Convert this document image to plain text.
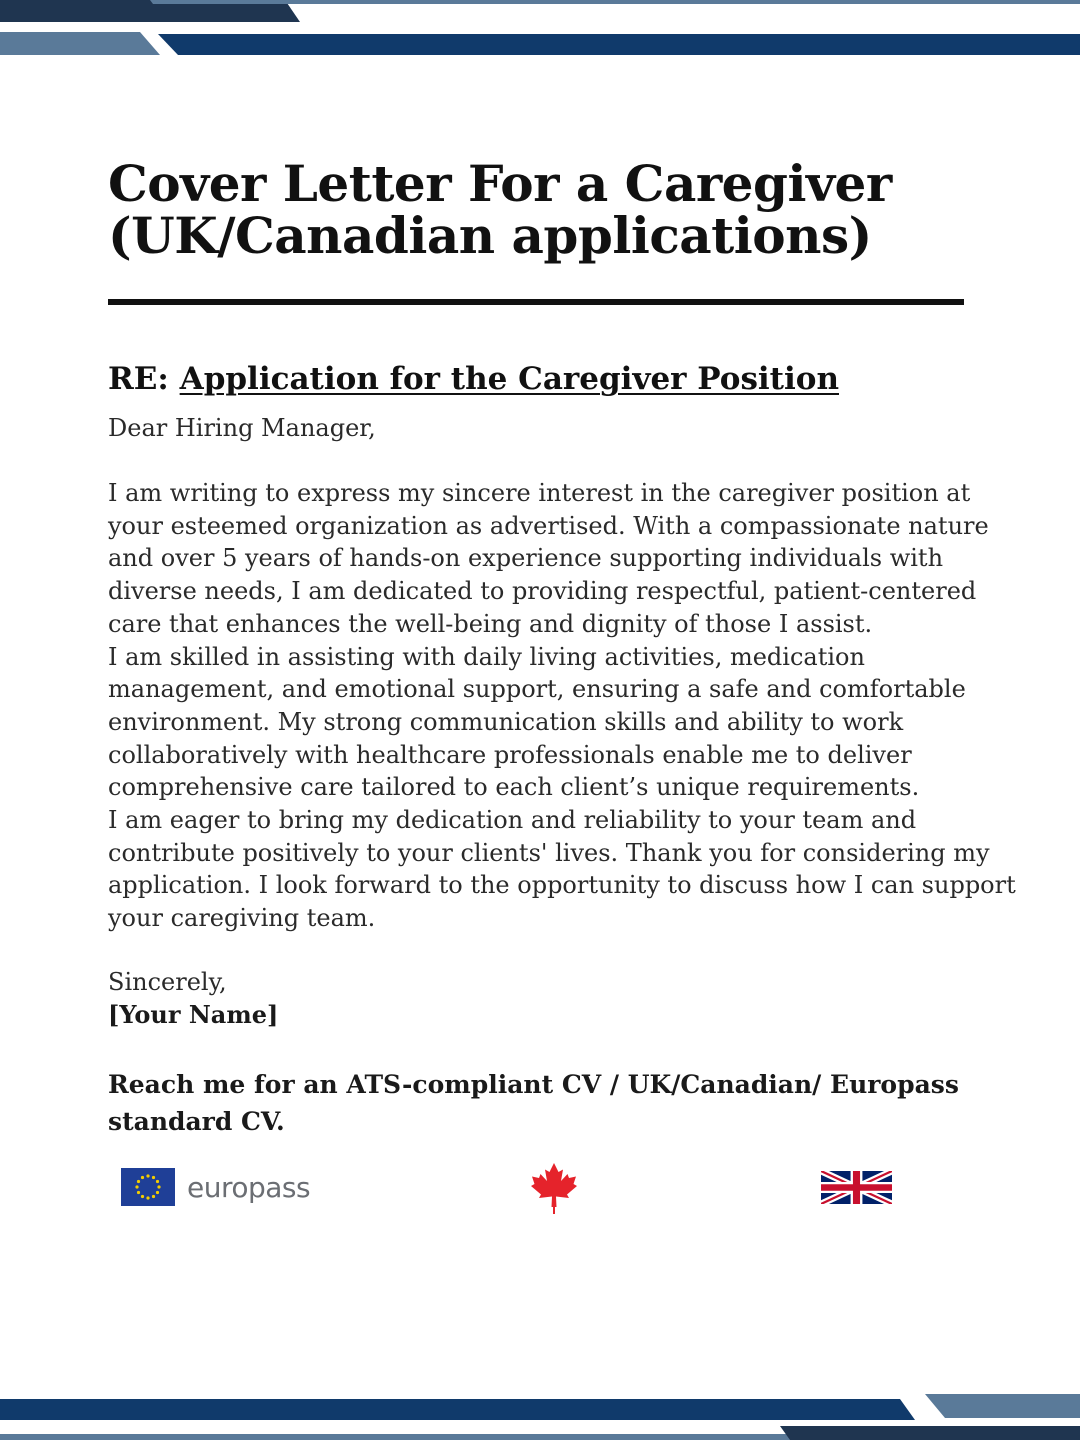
Cover Letter For a Caregiver
(UK/Canadian applications)
RE: Application for the Caregiver Position
Dear Hiring Manager,

I am writing to express my sincere interest in the caregiver position at your esteemed organization as advertised. With a compassionate nature and over 5 years of hands-on experience supporting individuals with diverse needs, I am dedicated to providing respectful, patient-centered care that enhances the well-being and dignity of those I assist.

I am skilled in assisting with daily living activities, medication management, and emotional support, ensuring a safe and comfortable environment. My strong communication skills and ability to work collaboratively with healthcare professionals enable me to deliver comprehensive care tailored to each client’s unique requirements.

I am eager to bring my dedication and reliability to your team and contribute positively to your clients' lives. Thank you for considering my application. I look forward to the opportunity to discuss how I can support your caregiving team.

Sincerely,
[Your Name]
Reach me for an ATS-compliant CV / UK/Canadian/ Europass
standard CV.
europass
